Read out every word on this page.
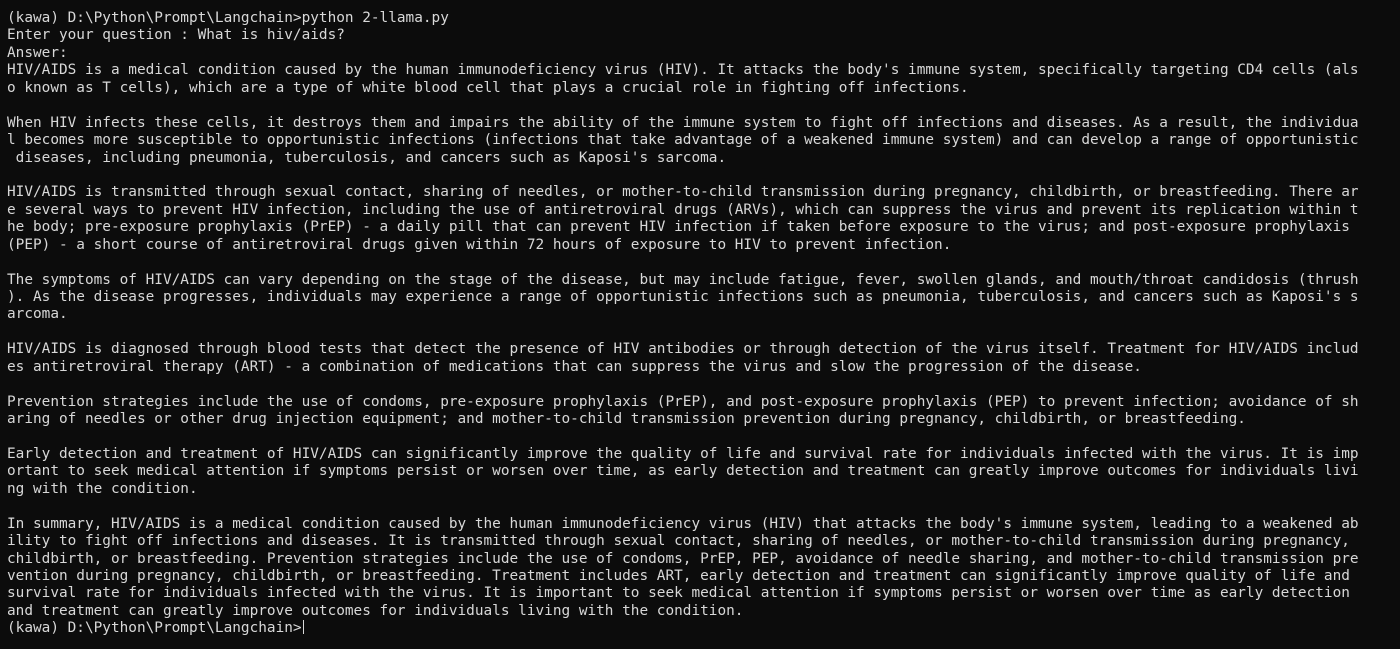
(kawa) D:\Python\Prompt\Langchain>python 2-llama.py
Enter your question : What is hiv/aids?
Answer:
HIV/AIDS is a medical condition caused by the human immunodeficiency virus (HIV). It attacks the body's immune system, specifically targeting CD4 cells (als
o known as T cells), which are a type of white blood cell that plays a crucial role in fighting off infections.
When HIV infects these cells, it destroys them and impairs the ability of the immune system to fight off infections and diseases. As a result, the individua
l becomes more susceptible to opportunistic infections (infections that take advantage of a weakened immune system) and can develop a range of opportunistic
diseases, including pneumonia, tuberculosis, and cancers such as Kaposi's sarcoma.
HIV/AIDS is transmitted through sexual contact, sharing of needles, or mother-to-child transmission during pregnancy, childbirth, or breastfeeding. There ar
e several ways to prevent HIV infection, including the use of antiretroviral drugs (ARVs), which can suppress the virus and prevent its replication within t
he body; pre-exposure prophylaxis (PrEP) - a daily pill that can prevent HIV infection if taken before exposure to the virus; and post-exposure prophylaxis
(PEP) - a short course of antiretroviral drugs given within 72 hours of exposure to HIV to prevent infection.
The symptoms of HIV/AIDS can vary depending on the stage of the disease, but may include fatigue, fever, swollen glands, and mouth/throat candidosis (thrush
). As the disease progresses, individuals may experience a range of opportunistic infections such as pneumonia, tuberculosis, and cancers such as Kaposi's s
arcoma.
HIV/AIDS is diagnosed through blood tests that detect the presence of HIV antibodies or through detection of the virus itself. Treatment for HIV/AIDS includ
es antiretroviral therapy (ART) - a combination of medications that can suppress the virus and slow the progression of the disease.
Prevention strategies include the use of condoms, pre-exposure prophylaxis (PrEP), and post-exposure prophylaxis (PEP) to prevent infection; avoidance of sh
aring of needles or other drug injection equipment; and mother-to-child transmission prevention during pregnancy, childbirth, or breastfeeding.
Early detection and treatment of HIV/AIDS can significantly improve the quality of life and survival rate for individuals infected with the virus. It is imp
ortant to seek medical attention if symptoms persist or worsen over time, as early detection and treatment can greatly improve outcomes for individuals livi
ng with the condition.
In summary, HIV/AIDS is a medical condition caused by the human immunodeficiency virus (HIV) that attacks the body's immune system, leading to a weakened ab
ility to fight off infections and diseases. It is transmitted through sexual contact, sharing of needles, or mother-to-child transmission during pregnancy,
childbirth, or breastfeeding. Prevention strategies include the use of condoms, PrEP, PEP, avoidance of needle sharing, and mother-to-child transmission pre
vention during pregnancy, childbirth, or breastfeeding. Treatment includes ART, early detection and treatment can significantly improve quality of life and
survival rate for individuals infected with the virus. It is important to seek medical attention if symptoms persist or worsen over time as early detection
and treatment can greatly improve outcomes for individuals living with the condition.
(kawa) D:\Python\Prompt\Langchain>
